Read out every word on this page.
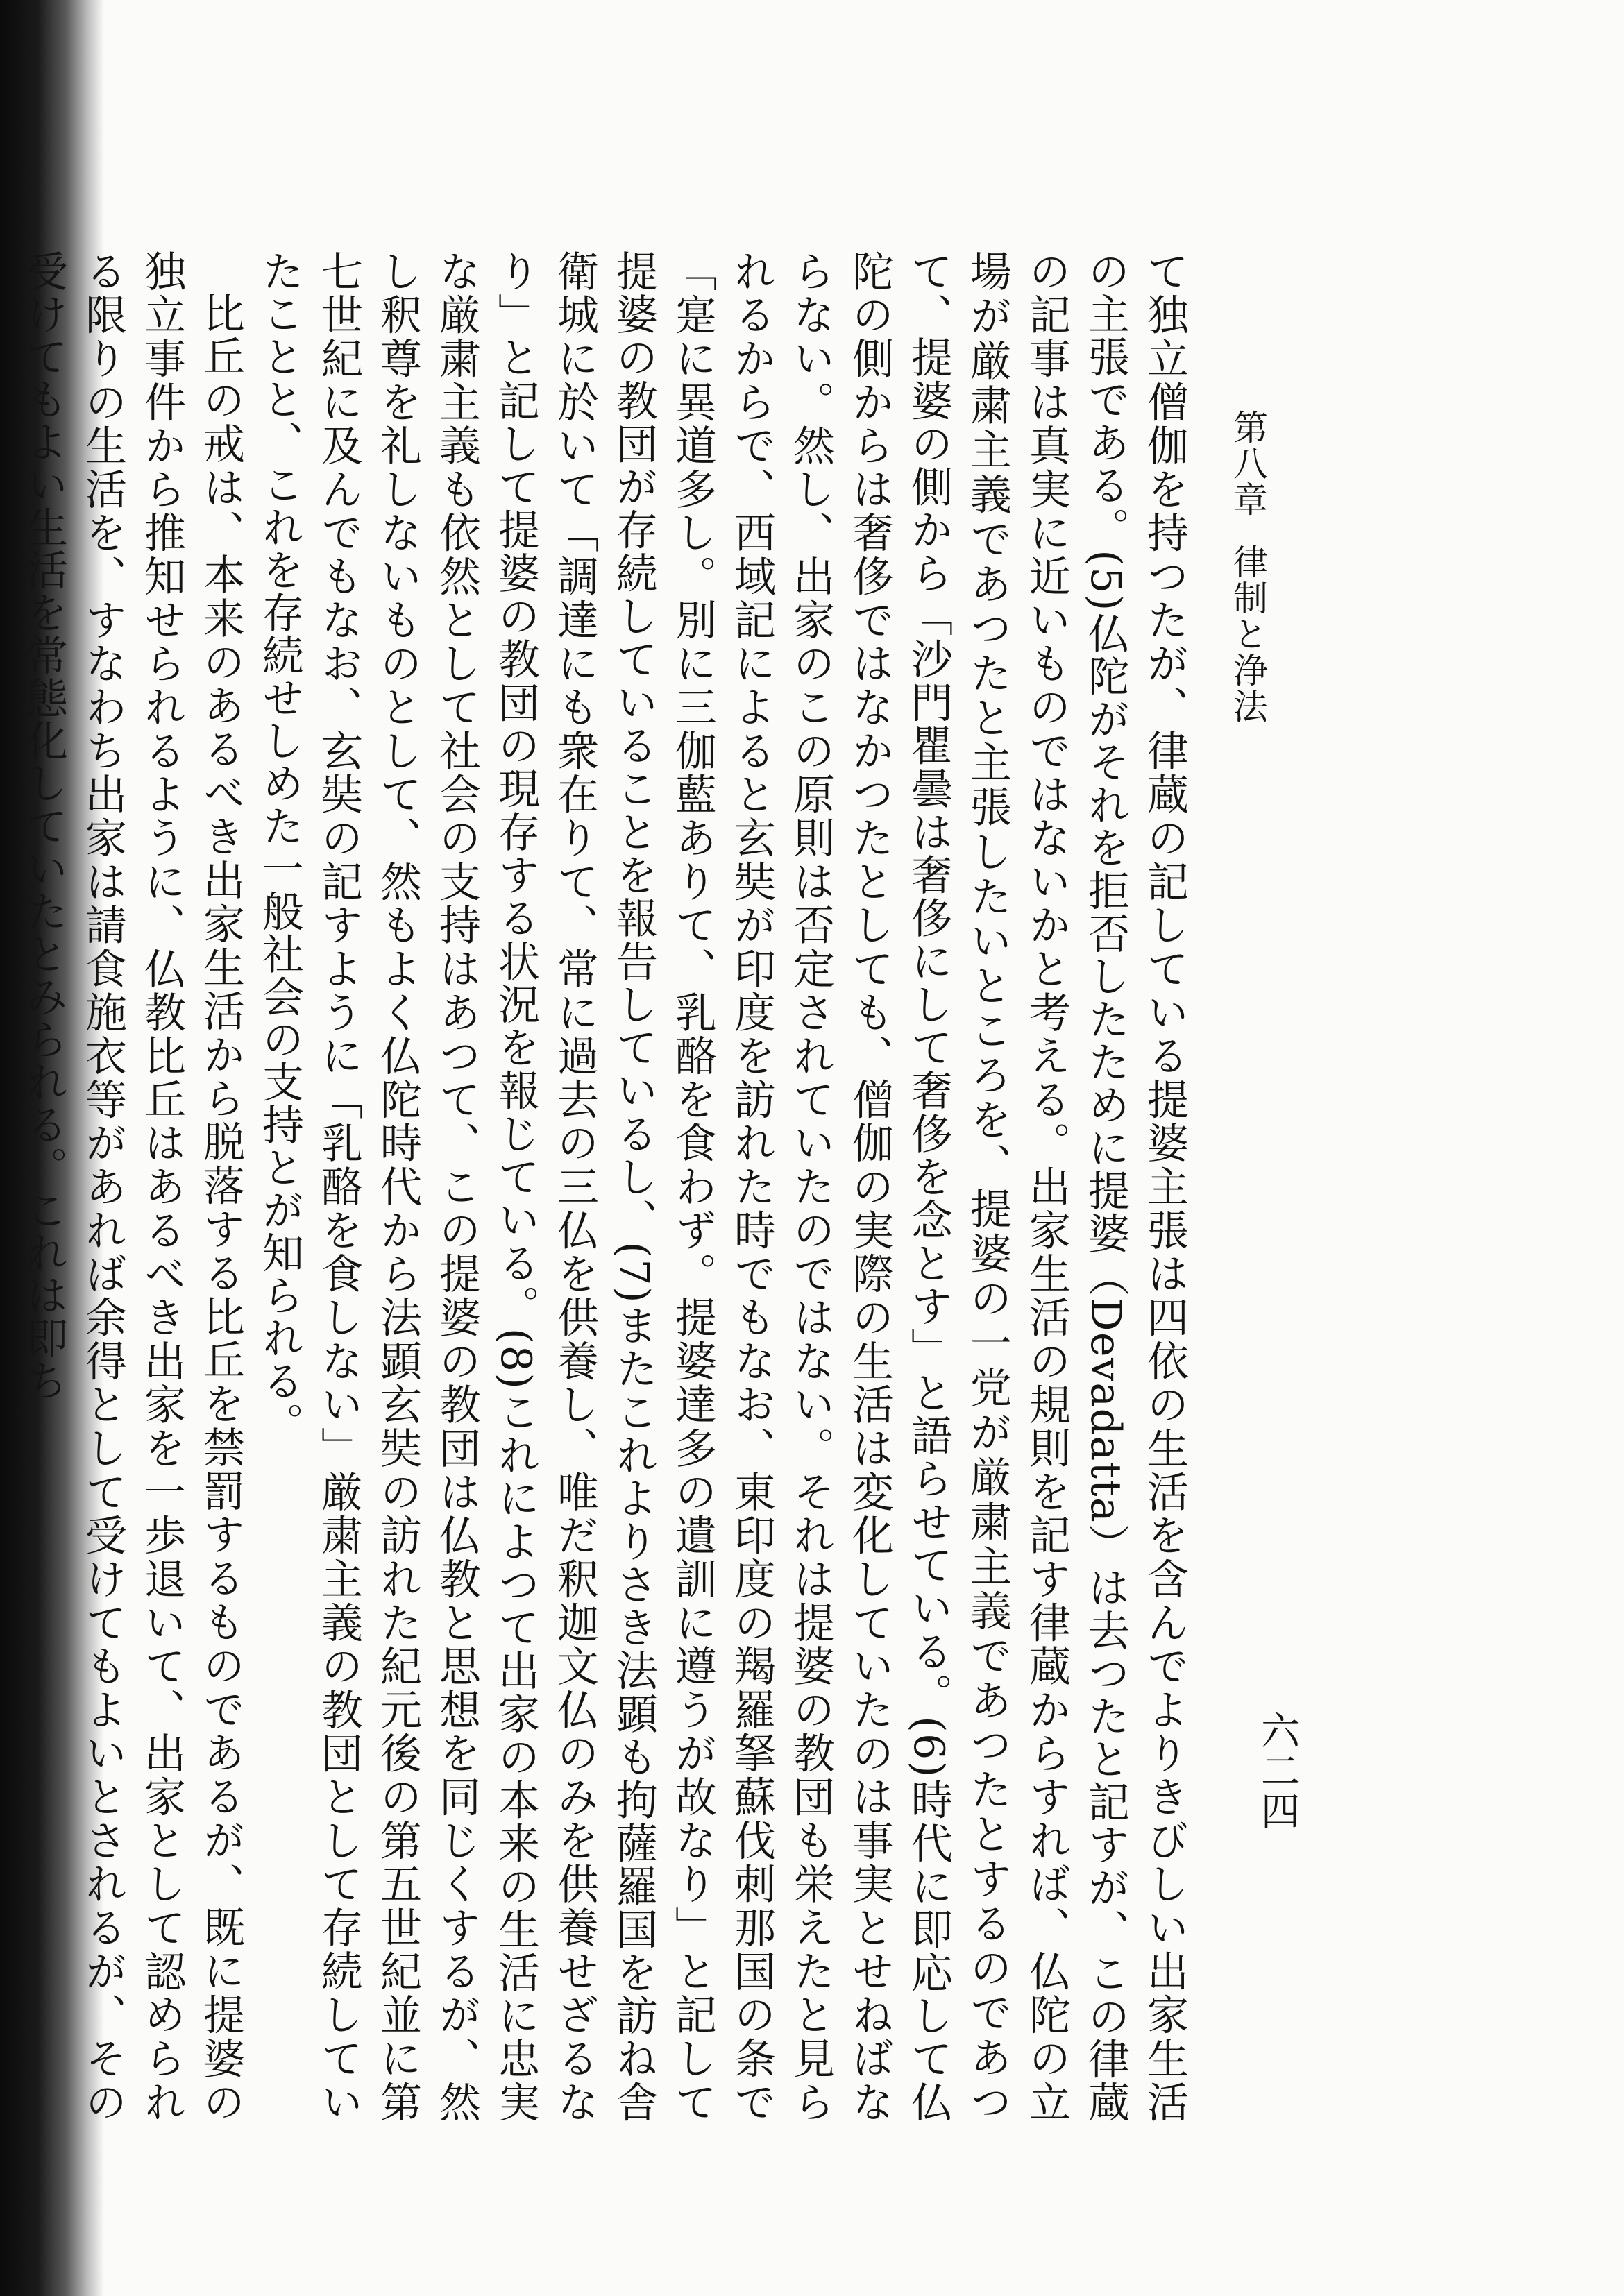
第八章律制と浄法
六二四

て独立僧伽を持つたが、律蔵の記している提婆主張は四依の生活を含んでよりきびしい出家生活の主張である。(5)仏陀がそれを拒否したために提婆（Devadatta）は去つたと記すが、この律蔵の記事は真実に近いものではないかと考える。出家生活の規則を記す律蔵からすれば、仏陀の立場が厳粛主義であつたと主張したいところを、提婆の一党が厳粛主義であつたとするのであつて、提婆の側から「沙門瞿曇は奢侈にして奢侈を念とす」と語らせている。(6)時代に即応して仏陀の側からは奢侈ではなかつたとしても、僧伽の実際の生活は変化していたのは事実とせねばならない。然し、出家のこの原則は否定されていたのではない。それは提婆の教団も栄えたと見られるからで、西域記によると玄奘が印度を訪れた時でもなお、東印度の羯羅拏蘇伐刺那国の条で「寔に異道多し。別に三伽藍ありて、乳酪を食わず。提婆達多の遺訓に遵うが故なり」と記して提婆の教団が存続していることを報告しているし、(7)またこれよりさき法顕も拘薩羅国を訪ね舎衛城に於いて「調達にも衆在りて、常に過去の三仏を供養し、唯だ釈迦文仏のみを供養せざるなり」と記して提婆の教団の現存する状況を報じている。(8)これによつて出家の本来の生活に忠実な厳粛主義も依然として社会の支持はあつて、この提婆の教団は仏教と思想を同じくするが、然し釈尊を礼しないものとして、然もよく仏陀時代から法顕玄奘の訪れた紀元後の第五世紀並に第七世紀に及んでもなお、玄奘の記すように「乳酪を食しない」厳粛主義の教団として存続していたことと、これを存続せしめた一般社会の支持とが知られる。

比丘の戒は、本来のあるべき出家生活から脱落する比丘を禁罰するものであるが、既に提婆の独立事件から推知せられるように、仏教比丘はあるべき出家を一歩退いて、出家として認められる限りの生活を、すなわち出家は請食施衣等があれば余得として受けてもよいとされるが、その受けてもよい生活を常態化していたとみられる。これは即ち
